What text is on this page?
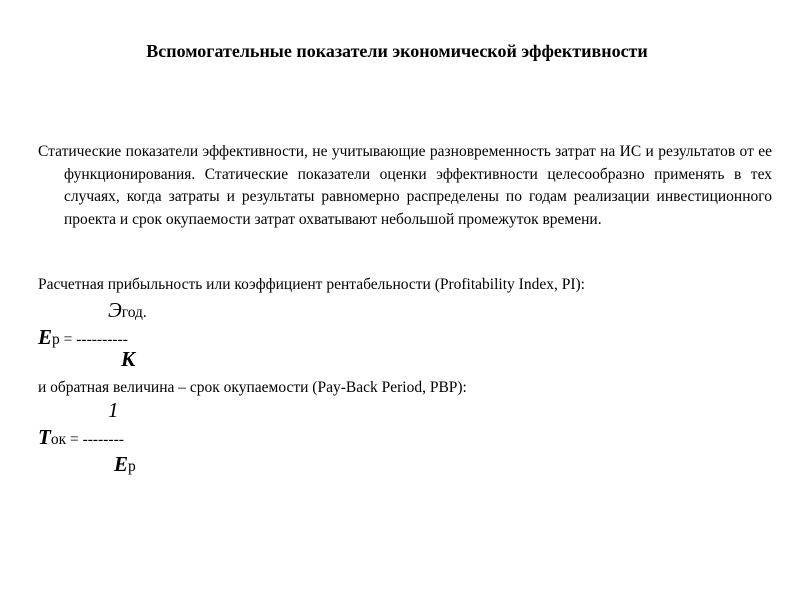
Вспомогательные показатели экономической эффективности

Статические показатели эффективности, не учитывающие разновременность затрат на ИС и результатов от ее функционирования. Статические показатели оценки эффективности целесообразно применять в тех случаях, когда затраты и результаты равномерно распределены по годам реализации инвестиционного проекта и срок окупаемости затрат охватывают небольшой промежуток времени.

Расчетная прибыльность или коэффициент рентабельности (Profitability Index, PI):

Эгод.
Ер = ----------
К

и обратная величина – срок окупаемости (Pay-Back Period, PBP):

1
Ток = --------
Ер
